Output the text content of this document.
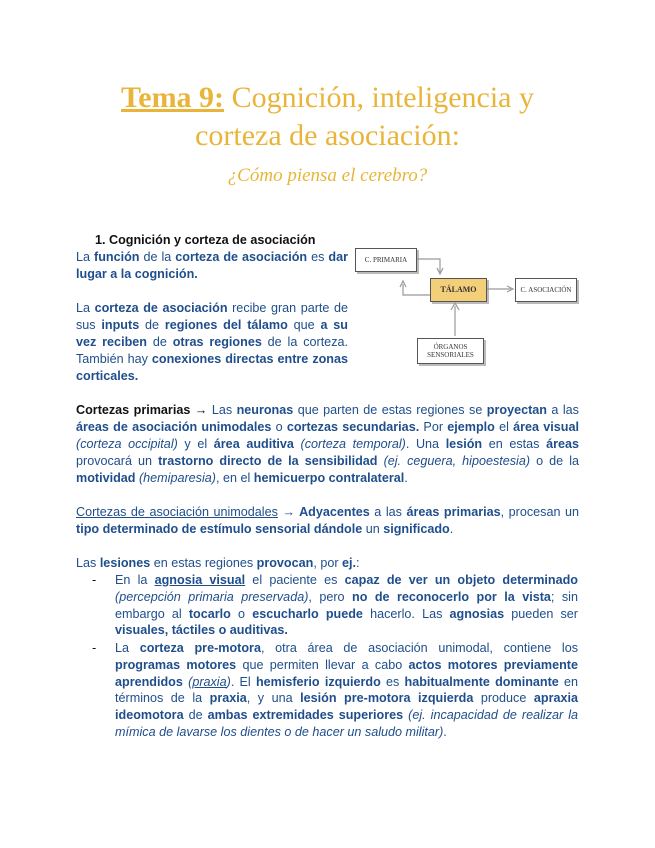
Tema 9: Cognición, inteligencia y
corteza de asociación:
¿Cómo piensa el cerebro?
1. Cognición y corteza de asociación
La función de la corteza de asociación es dar lugar a la cognición.
La corteza de asociación recibe gran parte de sus inputs de regiones del tálamo que a su vez reciben de otras regiones de la corteza. También hay conexiones directas entre zonas corticales.
C. PRIMARIA
TÁLAMO	C. ASOCIACIÓN
ÓRGANOS SENSORIALES
Cortezas primarias → Las neuronas que parten de estas regiones se proyectan a las áreas de asociación unimodales o cortezas secundarias. Por ejemplo el área visual (corteza occipital) y el área auditiva (corteza temporal). Una lesión en estas áreas provocará un trastorno directo de la sensibilidad (ej. ceguera, hipoestesia) o de la motividad (hemiparesia), en el hemicuerpo contralateral.
Cortezas de asociación unimodales → Adyacentes a las áreas primarias, procesan un tipo determinado de estímulo sensorial dándole un significado.
Las lesiones en estas regiones provocan, por ej.:
- En la agnosia visual el paciente es capaz de ver un objeto determinado (percepción primaria preservada), pero no de reconocerlo por la vista; sin embargo al tocarlo o escucharlo puede hacerlo. Las agnosias pueden ser visuales, táctiles o auditivas.
- La corteza pre-motora, otra área de asociación unimodal, contiene los programas motores que permiten llevar a cabo actos motores previamente aprendidos (praxia). El hemisferio izquierdo es habitualmente dominante en términos de la praxia, y una lesión pre-motora izquierda produce apraxia ideomotora de ambas extremidades superiores (ej. incapacidad de realizar la mímica de lavarse los dientes o de hacer un saludo militar).
